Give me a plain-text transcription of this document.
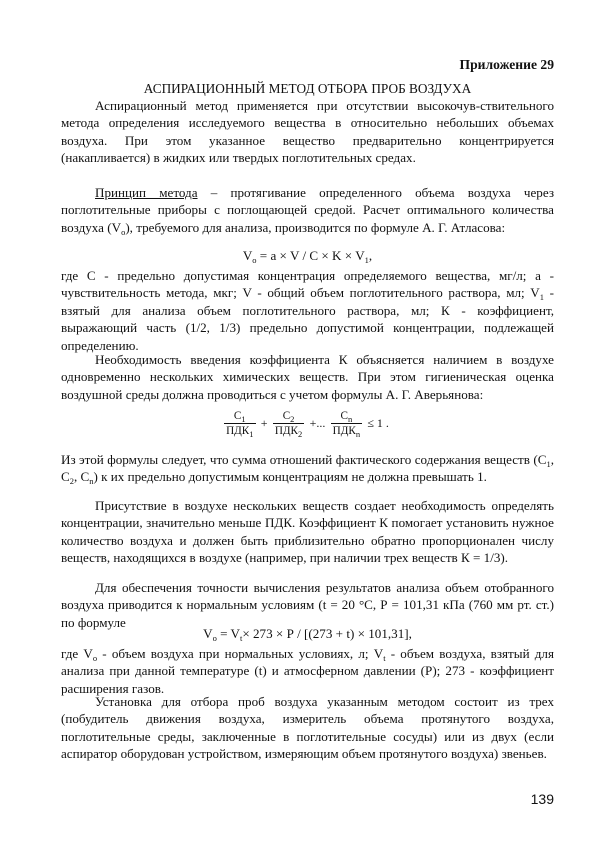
Приложение 29
АСПИРАЦИОННЫЙ МЕТОД ОТБОРА ПРОБ ВОЗДУХА

Аспирационный метод применяется при отсутствии высокочув-ствительного метода определения исследуемого вещества в относительно небольших объемах воздуха. При этом указанное вещество предварительно концентрируется (накапливается) в жидких или твердых поглотительных средах.

Принцип метода – протягивание определенного объема воздуха через поглотительные приборы с поглощающей средой. Расчет оптимального количества воздуха $(V_o)$, требуемого для анализа, производится по формуле А. Г. Атласова:

$V_o = a \times V / C \times K \times V_1$,

где С - предельно допустимая концентрация определяемого вещества, мг/л; a - чувствительность метода, мкг; V - общий объем поглотительного раствора, мл; $V_1$ - взятый для анализа объем поглотительного раствора, мл; К - коэффициент, выражающий часть (1/2, 1/3) предельно допустимой концентрации, подлежащей определению.

Необходимость введения коэффициента К объясняется наличием в воздухе одновременно нескольких химических веществ. При этом гигиеническая оценка воздушной среды должна проводиться с учетом формулы А. Г. Аверьянова:

$\frac{C_1}{ПДК_1} + \frac{C_2}{ПДК_2}$ +... $\frac{C_n}{ПДК_n} \le 1$ .

Из этой формулы следует, что сумма отношений фактического содержания веществ ($С_1$, $С_2$, $С_n$) к их предельно допустимым концентрациям не должна превышать 1.

Присутствие в воздухе нескольких веществ создает необходимость определять концентрации, значительно меньше ПДК. Коэффициент К помогает установить нужное количество воздуха и должен быть приблизительно обратно пропорционален числу веществ, находящихся в воздухе (например, при наличии трех веществ К = 1/3).

Для обеспечения точности вычисления результатов анализа объем отобранного воздуха приводится к нормальным условиям (t = 20 °С, Р = 101,31 кПа (760 мм рт. ст.) по формуле

$V_o = V_t\times 273 \times Р / [(273 + t) \times 101,31]$,

где $V_o$ - объем воздуха при нормальных условиях, л; $V_t$ - объем воздуха, взятый для анализа при данной температуре (t) и атмосферном давлении (Р); 273 - коэффициент расширения газов.

Установка для отбора проб воздуха указанным методом состоит из трех (побудитель движения воздуха, измеритель объема протянутого воздуха, поглотительные среды, заключенные в поглотительные сосуды) или из двух (если аспиратор оборудован устройством, измеряющим объем протянутого воздуха) звеньев.

139
